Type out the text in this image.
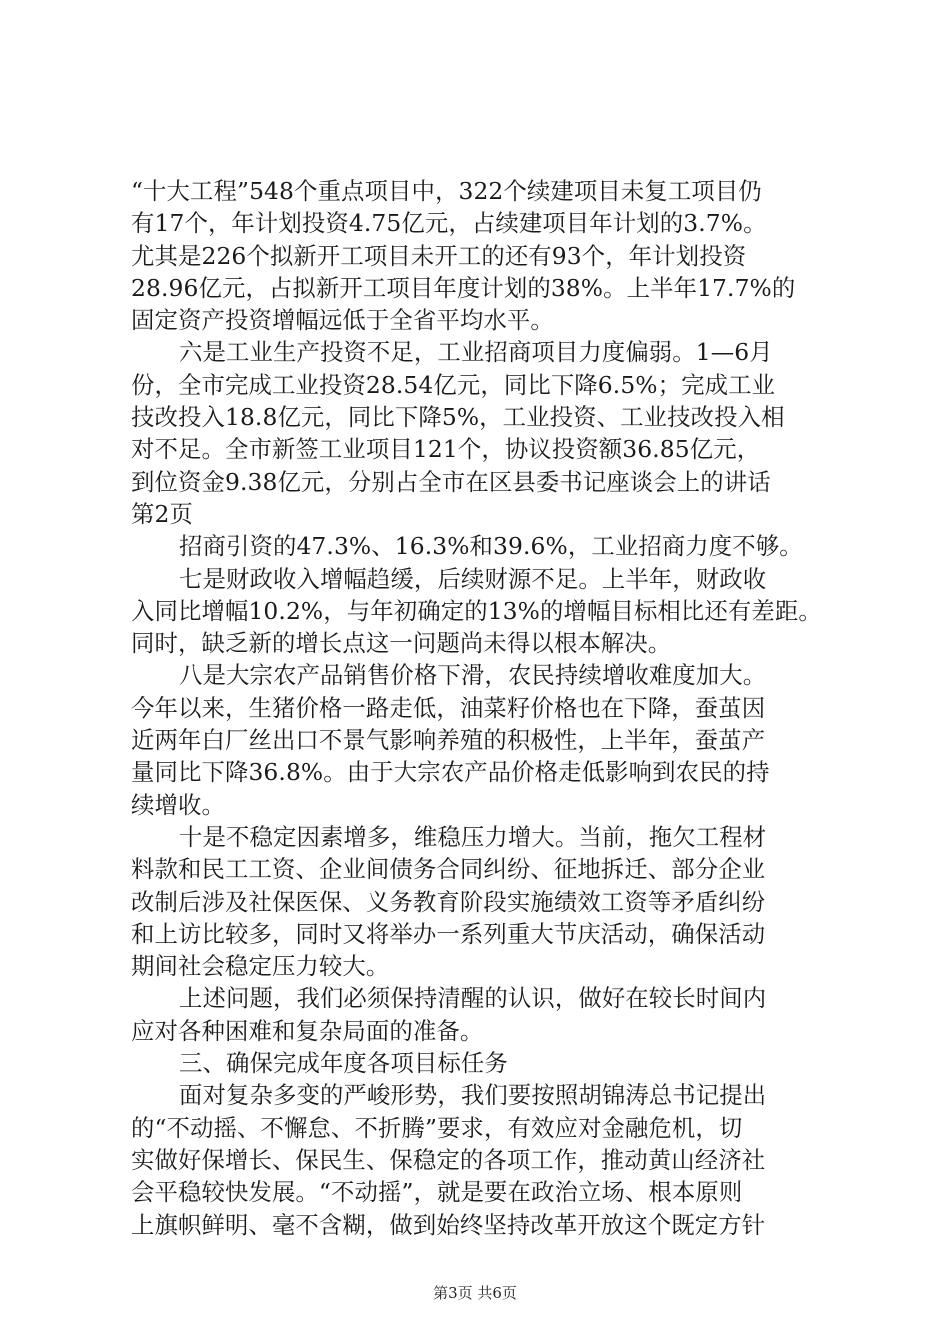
“十大工程”548个重点项目中，322个续建项目未复工项目仍
有17个，年计划投资4.75亿元，占续建项目年计划的3.7%。
尤其是226个拟新开工项目未开工的还有93个，年计划投资
28.96亿元，占拟新开工项目年度计划的38%。上半年17.7%的
固定资产投资增幅远低于全省平均水平。
六是工业生产投资不足，工业招商项目力度偏弱。1—6月
份，全市完成工业投资28.54亿元，同比下降6.5%；完成工业
技改投入18.8亿元，同比下降5%，工业投资、工业技改投入相
对不足。全市新签工业项目121个，协议投资额36.85亿元，
到位资金9.38亿元，分别占全市在区县委书记座谈会上的讲话
第2页
招商引资的47.3%、16.3%和39.6%，工业招商力度不够。
七是财政收入增幅趋缓，后续财源不足。上半年，财政收
入同比增幅10.2%，与年初确定的13%的增幅目标相比还有差距。
同时，缺乏新的增长点这一问题尚未得以根本解决。
八是大宗农产品销售价格下滑，农民持续增收难度加大。
今年以来，生猪价格一路走低，油菜籽价格也在下降，蚕茧因
近两年白厂丝出口不景气影响养殖的积极性，上半年，蚕茧产
量同比下降36.8%。由于大宗农产品价格走低影响到农民的持
续增收。
十是不稳定因素增多，维稳压力增大。当前，拖欠工程材
料款和民工工资、企业间债务合同纠纷、征地拆迁、部分企业
改制后涉及社保医保、义务教育阶段实施绩效工资等矛盾纠纷
和上访比较多，同时又将举办一系列重大节庆活动，确保活动
期间社会稳定压力较大。
上述问题，我们必须保持清醒的认识，做好在较长时间内
应对各种困难和复杂局面的准备。
三、确保完成年度各项目标任务
面对复杂多变的严峻形势，我们要按照胡锦涛总书记提出
的“不动摇、不懈怠、不折腾”要求，有效应对金融危机，切
实做好保增长、保民生、保稳定的各项工作，推动黄山经济社
会平稳较快发展。“不动摇”，就是要在政治立场、根本原则
上旗帜鲜明、毫不含糊，做到始终坚持改革开放这个既定方针
第3页 共6页
